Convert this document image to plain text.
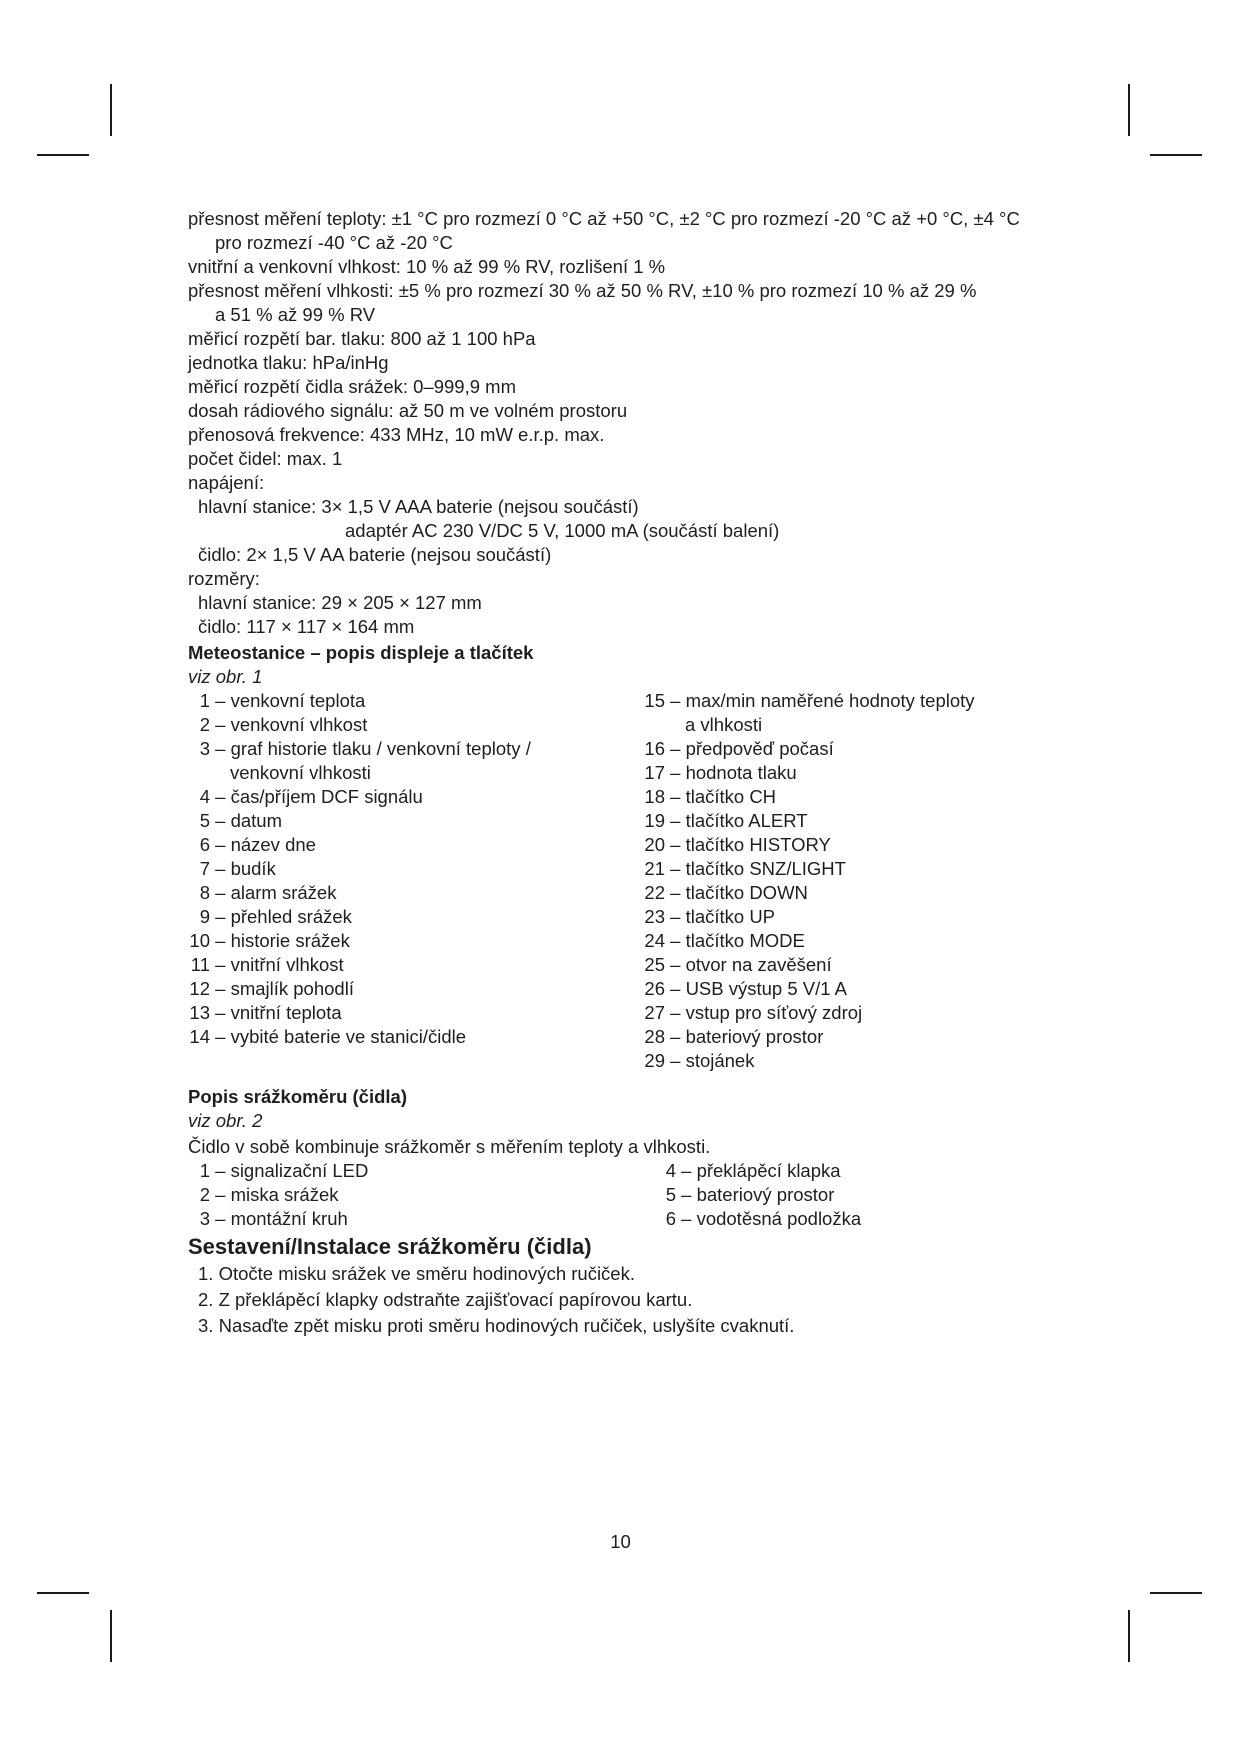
přesnost měření teploty: ±1 °C pro rozmezí 0 °C až +50 °C, ±2 °C pro rozmezí -20 °C až +0 °C, ±4 °C
pro rozmezí -40 °C až -20 °C
vnitřní a venkovní vlhkost: 10 % až 99 % RV, rozlišení 1 %
přesnost měření vlhkosti: ±5 % pro rozmezí 30 % až 50 % RV, ±10 % pro rozmezí 10 % až 29 %
a 51 % až 99 % RV
měřicí rozpětí bar. tlaku: 800 až 1 100 hPa
jednotka tlaku: hPa/inHg
měřicí rozpětí čidla srážek: 0–999,9 mm
dosah rádiového signálu: až 50 m ve volném prostoru
přenosová frekvence: 433 MHz, 10 mW e.r.p. max.
počet čidel: max. 1
napájení:
hlavní stanice: 3× 1,5 V AAA baterie (nejsou součástí)
adaptér AC 230 V/DC 5 V, 1000 mA (součástí balení)
čidlo: 2× 1,5 V AA baterie (nejsou součástí)
rozměry:
hlavní stanice: 29 × 205 × 127 mm
čidlo: 117 × 117 × 164 mm
Meteostanice – popis displeje a tlačítek
viz obr. 1
1 – venkovní teplota
2 – venkovní vlhkost
3 – graf historie tlaku / venkovní teploty /
venkovní vlhkosti
4 – čas/příjem DCF signálu
5 – datum
6 – název dne
7 – budík
8 – alarm srážek
9 – přehled srážek
10 – historie srážek
11 – vnitřní vlhkost
12 – smajlík pohodlí
13 – vnitřní teplota
14 – vybité baterie ve stanici/čidle
15 – max/min naměřené hodnoty teploty
a vlhkosti
16 – předpověď počasí
17 – hodnota tlaku
18 – tlačítko CH
19 – tlačítko ALERT
20 – tlačítko HISTORY
21 – tlačítko SNZ/LIGHT
22 – tlačítko DOWN
23 – tlačítko UP
24 – tlačítko MODE
25 – otvor na zavěšení
26 – USB výstup 5 V/1 A
27 – vstup pro síťový zdroj
28 – bateriový prostor
29 – stojánek
Popis srážkoměru (čidla)
viz obr. 2
Čidlo v sobě kombinuje srážkoměr s měřením teploty a vlhkosti.
1 – signalizační LED
2 – miska srážek
3 – montážní kruh
4 – překlápěcí klapka
5 – bateriový prostor
6 – vodotěsná podložka
Sestavení/Instalace srážkoměru (čidla)
1. Otočte misku srážek ve směru hodinových ručiček.
2. Z překlápěcí klapky odstraňte zajišťovací papírovou kartu.
3. Nasaďte zpět misku proti směru hodinových ručiček, uslyšíte cvaknutí.
10
